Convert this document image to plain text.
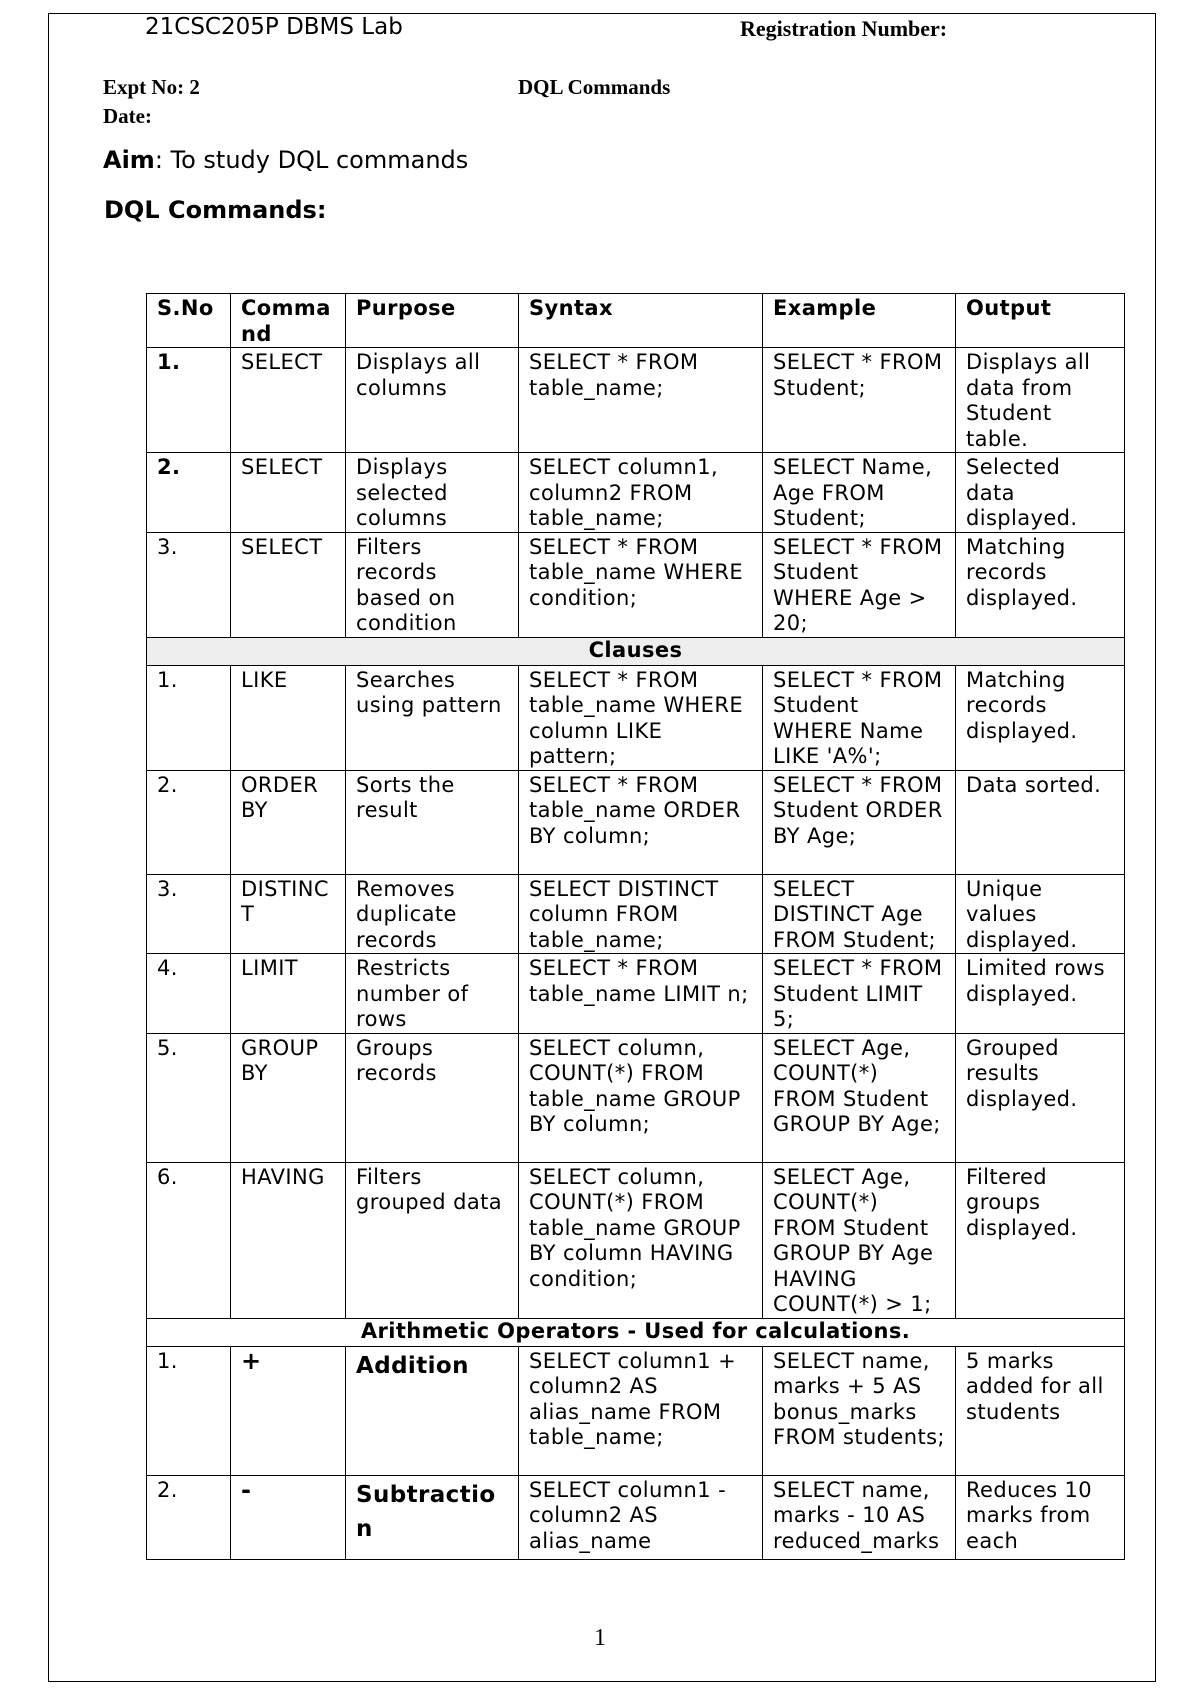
21CSC205P DBMS Lab	Registration Number:
Expt No: 2
Date:
DQL Commands
Aim: To study DQL commands
DQL Commands:
S.No	Command	Purpose	Syntax	Example	Output
1.	SELECT	Displays all columns	SELECT * FROM table_name;	SELECT * FROM Student;	Displays all data from Student table.
2.	SELECT	Displays selected columns	SELECT column1, column2 FROM table_name;	SELECT Name, Age FROM Student;	Selected data displayed.
3.	SELECT	Filters records based on condition	SELECT * FROM table_name WHERE condition;	SELECT * FROM Student WHERE Age > 20;	Matching records displayed.
Clauses					
1.	LIKE	Searches using pattern	SELECT * FROM table_name WHERE column LIKE pattern;	SELECT * FROM Student WHERE Name LIKE 'A%';	Matching records displayed.
2.	ORDER BY	Sorts the result	SELECT * FROM table_name ORDER BY column;	SELECT * FROM Student ORDER BY Age;	Data sorted.
3.	DISTINCT	Removes duplicate records	SELECT DISTINCT column FROM table_name;	SELECT DISTINCT Age FROM Student;	Unique values displayed.
4.	LIMIT	Restricts number of rows	SELECT * FROM table_name LIMIT n;	SELECT * FROM Student LIMIT 5;	Limited rows displayed.
5.	GROUP BY	Groups records	SELECT column, COUNT(*) FROM table_name GROUP BY column;	SELECT Age, COUNT(*) FROM Student GROUP BY Age;	Grouped results displayed.
6.	HAVING	Filters grouped data	SELECT column, COUNT(*) FROM table_name GROUP BY column HAVING condition;	SELECT Age, COUNT(*) FROM Student GROUP BY Age HAVING COUNT(*) > 1;	Filtered groups displayed.
Arithmetic Operators - Used for calculations.					
1.	+	Addition	SELECT column1 + column2 AS alias_name FROM table_name;	SELECT name, marks + 5 AS bonus_marks FROM students;	5 marks added for all students
2.	-	Subtraction	SELECT column1 - column2 AS alias_name	SELECT name, marks - 10 AS reduced_marks	Reduces 10 marks from each
1
